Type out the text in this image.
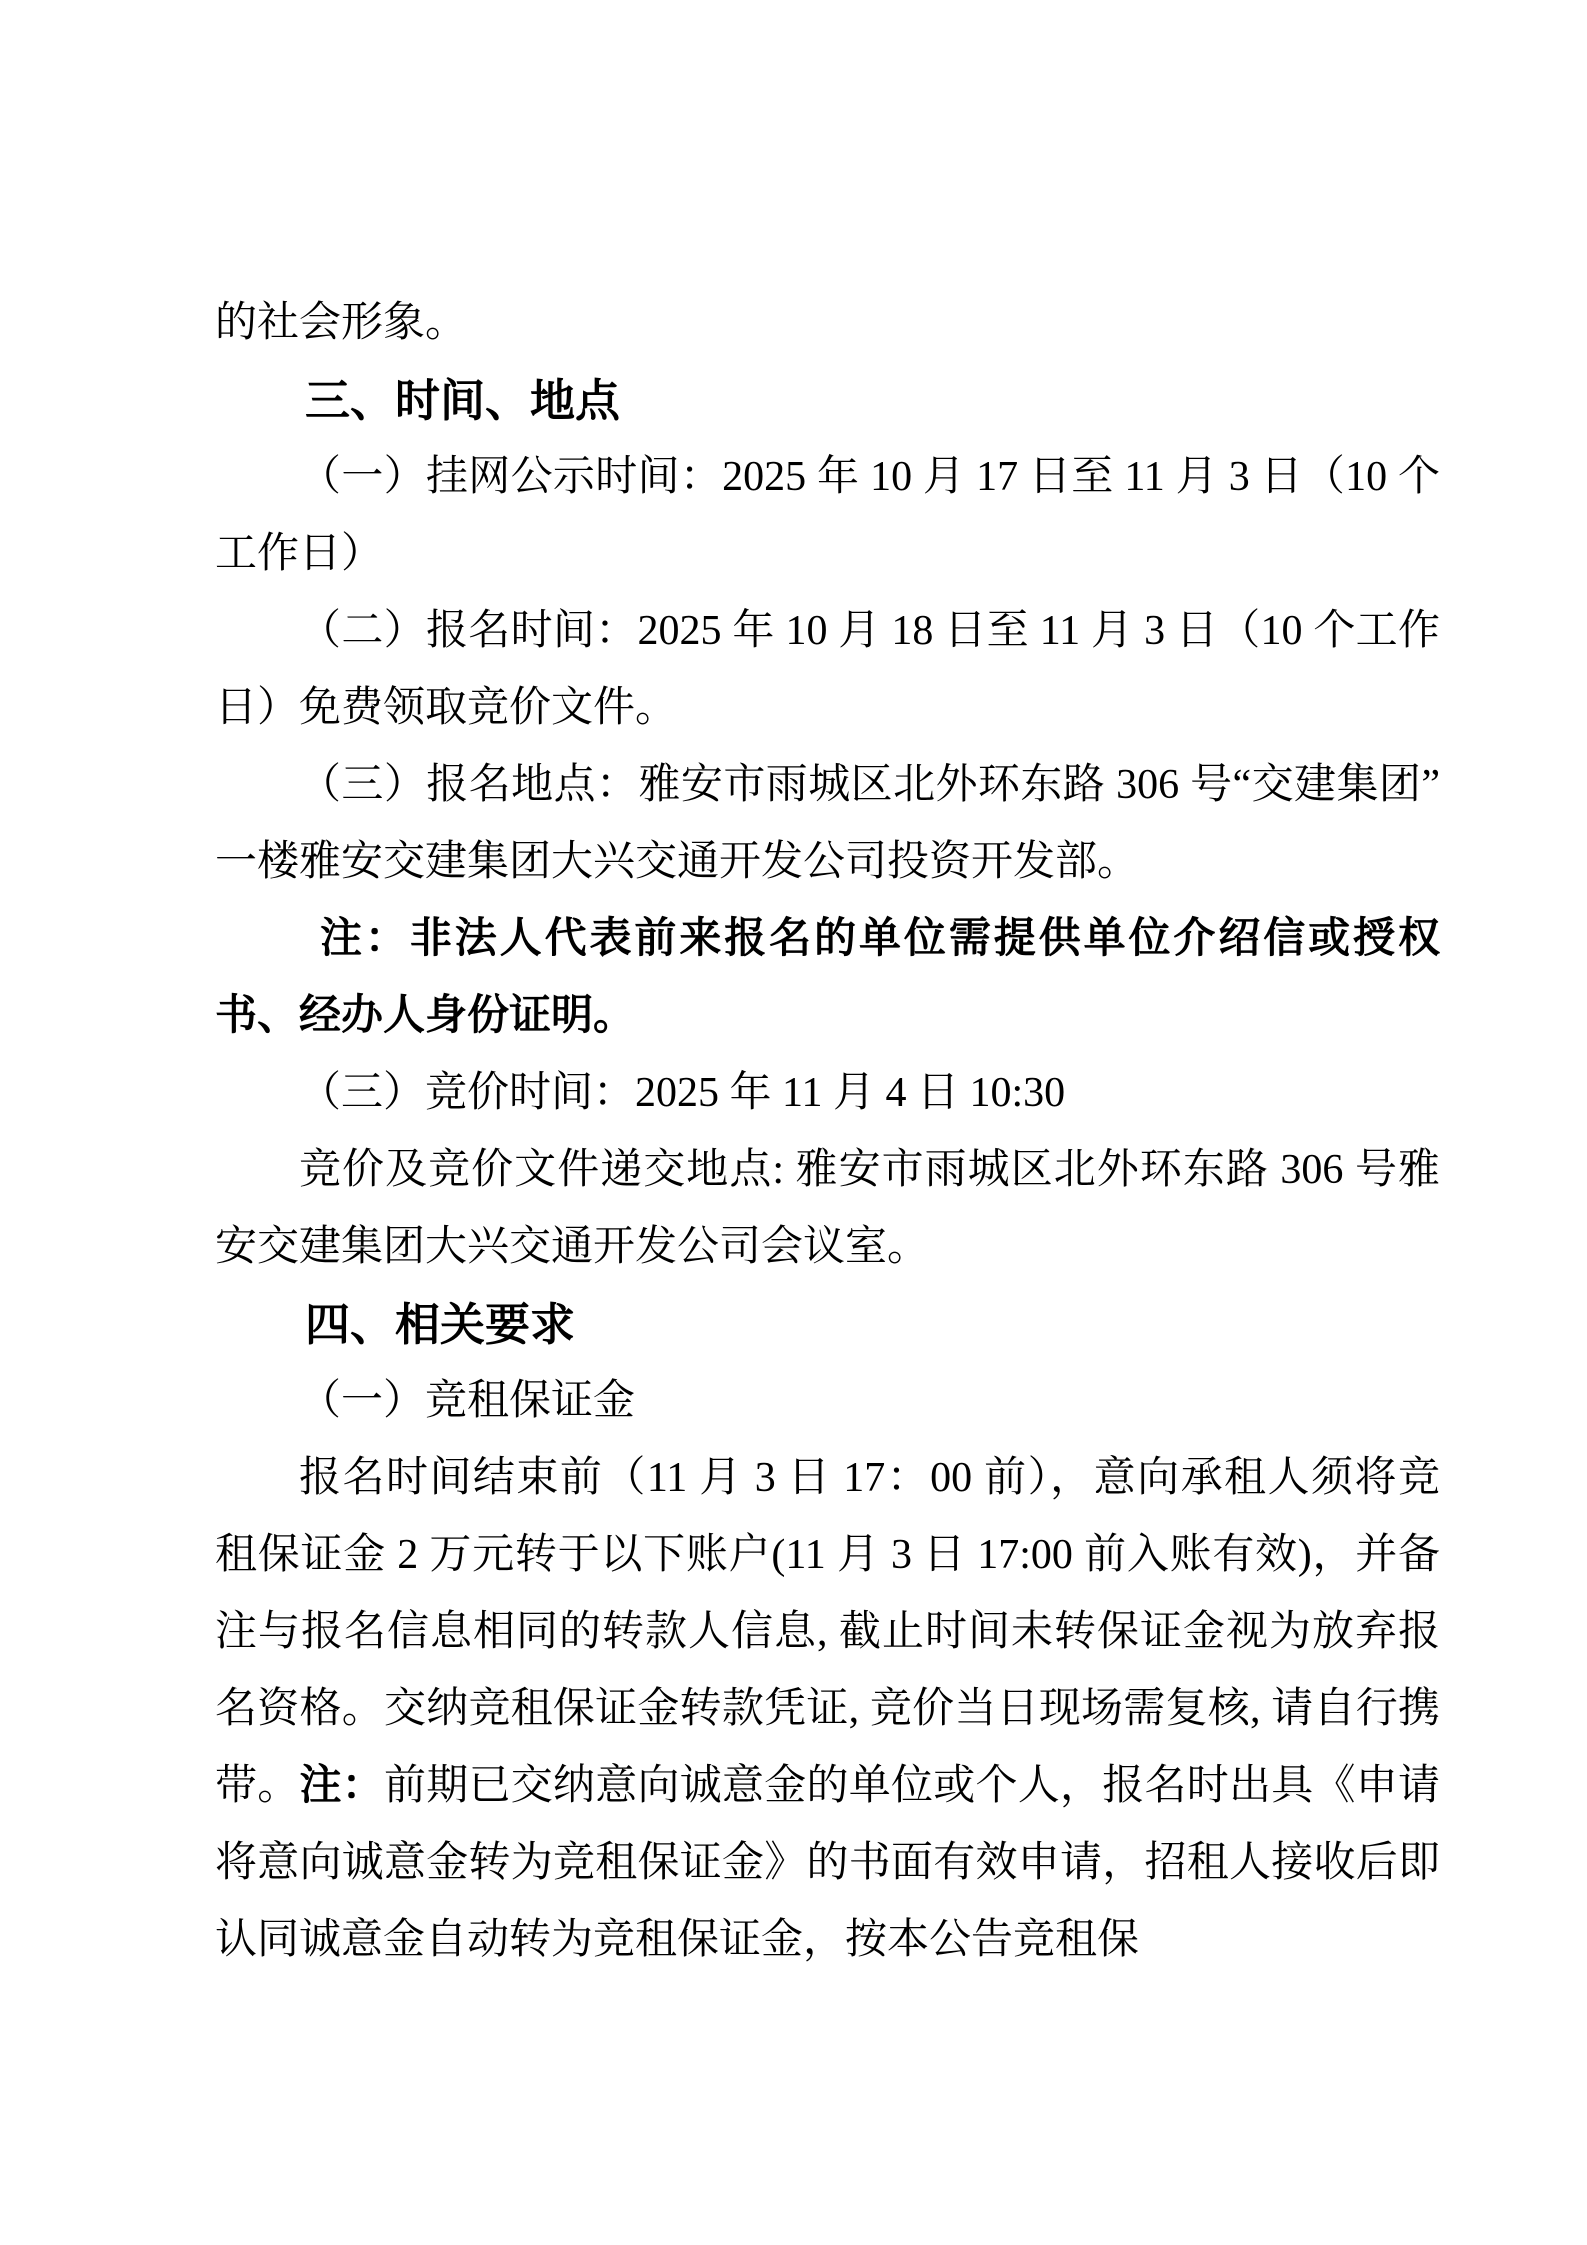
的社会形象。

三、时间、地点

（一）挂网公示时间：2025 年 10 月 17 日至 11 月 3 日（10 个工作日）

（二）报名时间：2025 年 10 月 18 日至 11 月 3 日（10 个工作日）免费领取竞价文件。

（三）报名地点：雅安市雨城区北外环东路 306 号“交建集团”一楼雅安交建集团大兴交通开发公司投资开发部。

注：非法人代表前来报名的单位需提供单位介绍信或授权书、经办人身份证明。

（三）竞价时间：2025 年 11 月 4 日 10:30

竞价及竞价文件递交地点: 雅安市雨城区北外环东路 306 号雅安交建集团大兴交通开发公司会议室。

四、相关要求

（一）竞租保证金

报名时间结束前（11 月 3 日 17：00 前），意向承租人须将竞租保证金 2 万元转于以下账户(11 月 3 日 17:00 前入账有效)，并备注与报名信息相同的转款人信息, 截止时间未转保证金视为放弃报名资格。交纳竞租保证金转款凭证, 竞价当日现场需复核, 请自行携带。注：前期已交纳意向诚意金的单位或个人，报名时出具《申请将意向诚意金转为竞租保证金》的书面有效申请，招租人接收后即认同诚意金自动转为竞租保证金，按本公告竞租保
